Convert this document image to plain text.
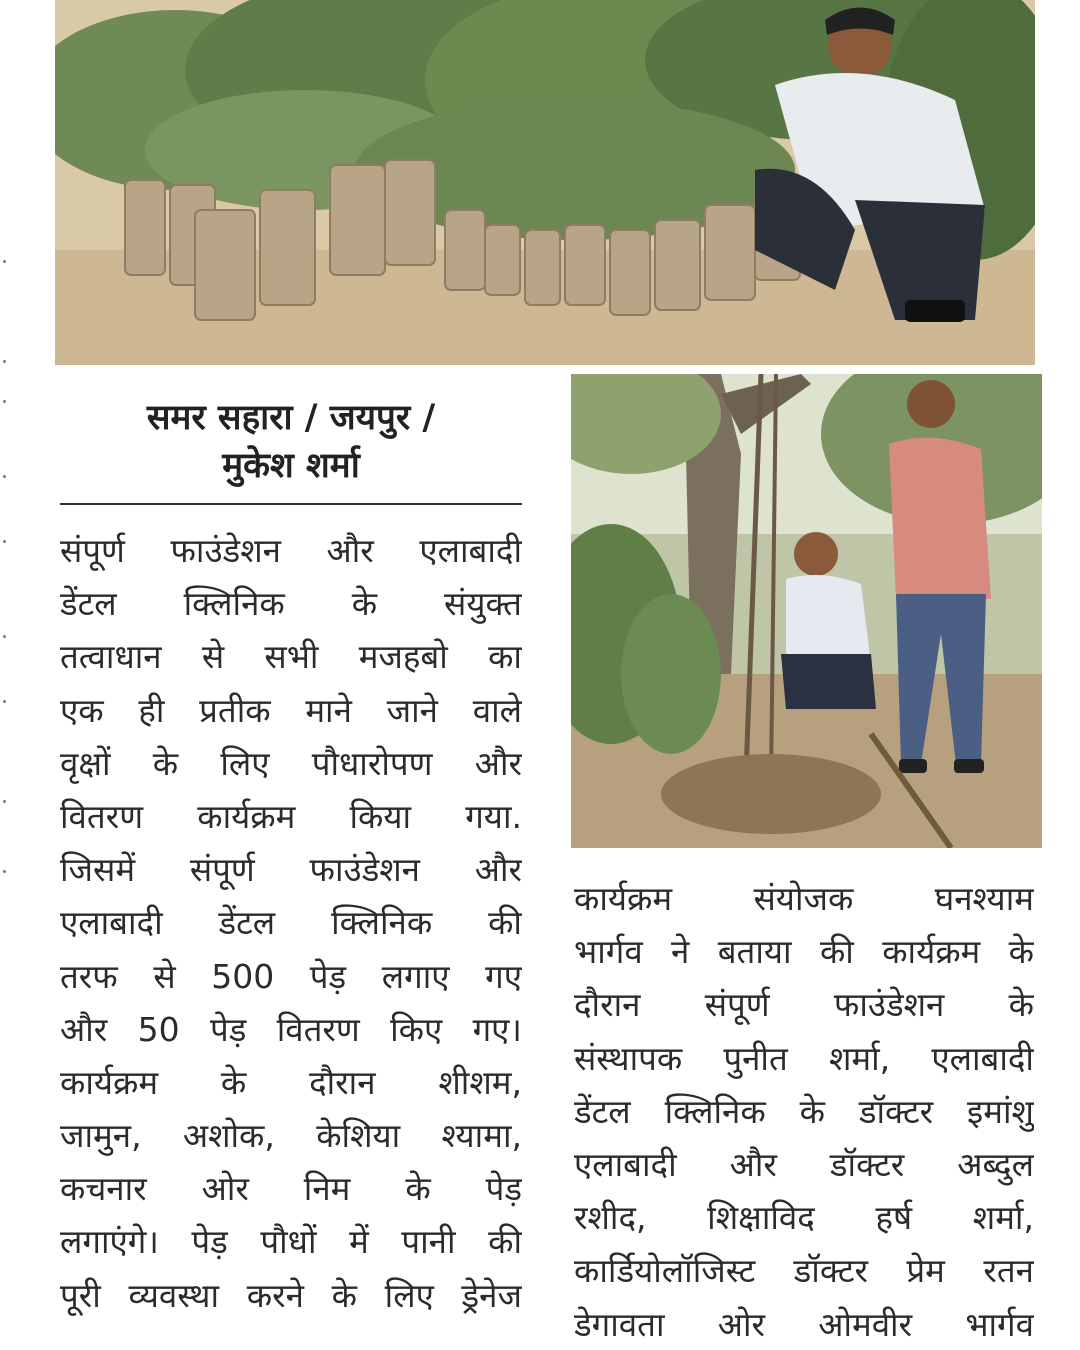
समर सहारा / जयपुर /
मुकेश शर्मा
संपूर्ण फाउंडेशन और एलाबादी
डेंटल क्लिनिक के संयुक्त
तत्वाधान से सभी मजहबो का
एक ही प्रतीक माने जाने वाले
वृक्षों के लिए पौधारोपण और
वितरण कार्यक्रम किया गया.
जिसमें संपूर्ण फाउंडेशन और
एलाबादी डेंटल क्लिनिक की
तरफ से 500 पेड़ लगाए गए
और 50 पेड़ वितरण किए गए।
कार्यक्रम के दौरान शीशम,
जामुन, अशोक, केशिया श्यामा,
कचनार ओर निम के पेड़
लगाएंगे। पेड़ पौधों में पानी की
पूरी व्यवस्था करने के लिए ड्रेनेज
कार्यक्रम संयोजक घनश्याम
भार्गव ने बताया की कार्यक्रम के
दौरान संपूर्ण फाउंडेशन के
संस्थापक पुनीत शर्मा, एलाबादी
डेंटल क्लिनिक के डॉक्टर इमांशु
एलाबादी और डॉक्टर अब्दुल
रशीद, शिक्षाविद हर्ष शर्मा,
कार्डियोलॉजिस्ट डॉक्टर प्रेम रतन
डेगावता ओर ओमवीर भार्गव
